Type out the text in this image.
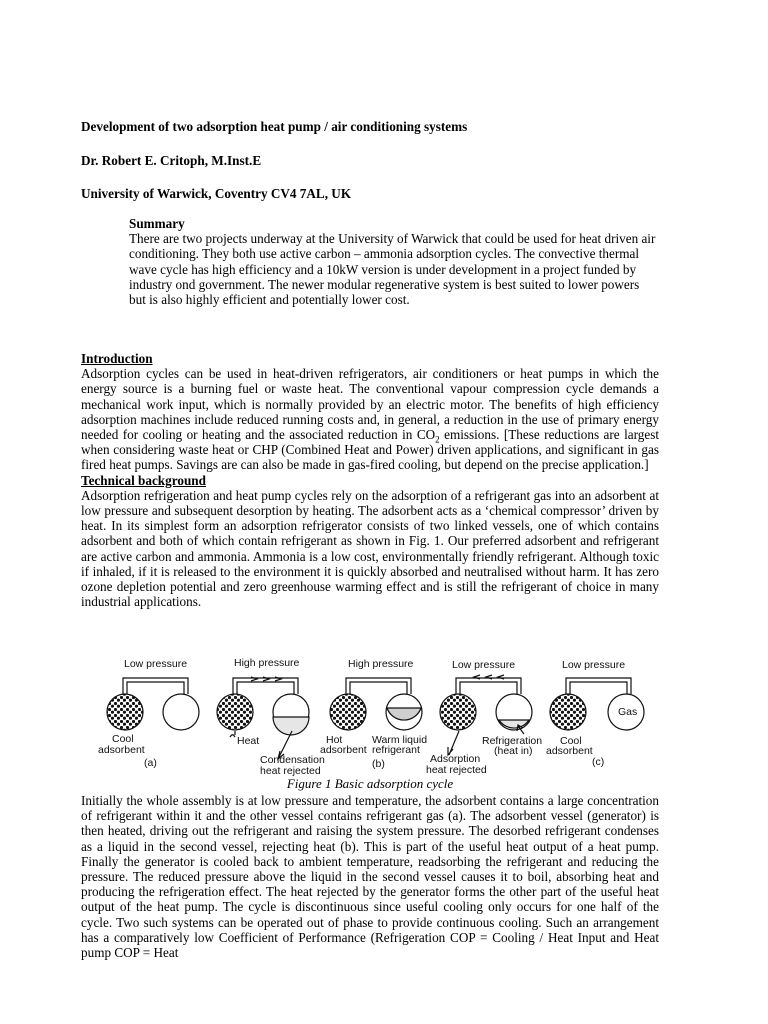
Development of two adsorption heat pump / air conditioning systems
Dr. Robert E. Critoph, M.Inst.E
University of Warwick, Coventry CV4 7AL, UK
Summary

There are two projects underway at the University of Warwick that could be used for heat driven air conditioning. They both use active carbon – ammonia adsorption cycles. The convective thermal wave cycle has high efficiency and a 10kW version is under development in a project funded by industry ond government. The newer modular regenerative system is best suited to lower powers but is also highly efficient and potentially lower cost.

Introduction

Adsorption cycles can be used in heat-driven refrigerators, air conditioners or heat pumps in which the energy source is a burning fuel or waste heat. The conventional vapour compression cycle demands a mechanical work input, which is normally provided by an electric motor. The benefits of high efficiency adsorption machines include reduced running costs and, in general, a reduction in the use of primary energy needed for cooling or heating and the associated reduction in $CO_2$ emissions. [These reductions are largest when considering waste heat or CHP (Combined Heat and Power) driven applications, and significant in gas fired heat pumps. Savings are can also be made in gas-fired cooling, but depend on the precise application.]

Technical background

Adsorption refrigeration and heat pump cycles rely on the adsorption of a refrigerant gas into an adsorbent at low pressure and subsequent desorption by heating. The adsorbent acts as a ‘chemical compressor’ driven by heat. In its simplest form an adsorption refrigerator consists of two linked vessels, one of which contains adsorbent and both of which contain refrigerant as shown in Fig. 1. Our preferred adsorbent and refrigerant are active carbon and ammonia. Ammonia is a low cost, environmentally friendly refrigerant. Although toxic if inhaled, if it is released to the environment it is quickly absorbed and neutralised without harm. It has zero ozone depletion potential and zero greenhouse warming effect and is still the refrigerant of choice in many industrial applications.

Low pressure	High pressure	High pressure	Low pressure	Low pressure
Cool
adsorbent
(a)
Heat
Condensation
heat rejected
Hot	Warm liquid
adsorbent refrigerant
(b)	Adsorption
heat rejected
Refrigeration
(heat in)
Cool
adsorbent
(c)
Gas
Figure 1 Basic adsorption cycle

Initially the whole assembly is at low pressure and temperature, the adsorbent contains a large concentration of refrigerant within it and the other vessel contains refrigerant gas (a). The adsorbent vessel (generator) is then heated, driving out the refrigerant and raising the system pressure. The desorbed refrigerant condenses as a liquid in the second vessel, rejecting heat (b). This is part of the useful heat output of a heat pump. Finally the generator is cooled back to ambient temperature, readsorbing the refrigerant and reducing the pressure. The reduced pressure above the liquid in the second vessel causes it to boil, absorbing heat and producing the refrigeration effect. The heat rejected by the generator forms the other part of the useful heat output of the heat pump. The cycle is discontinuous since useful cooling only occurs for one half of the cycle. Two such systems can be operated out of phase to provide continuous cooling. Such an arrangement has a comparatively low Coefficient of Performance (Refrigeration COP = Cooling / Heat Input and Heat pump COP = Heat
